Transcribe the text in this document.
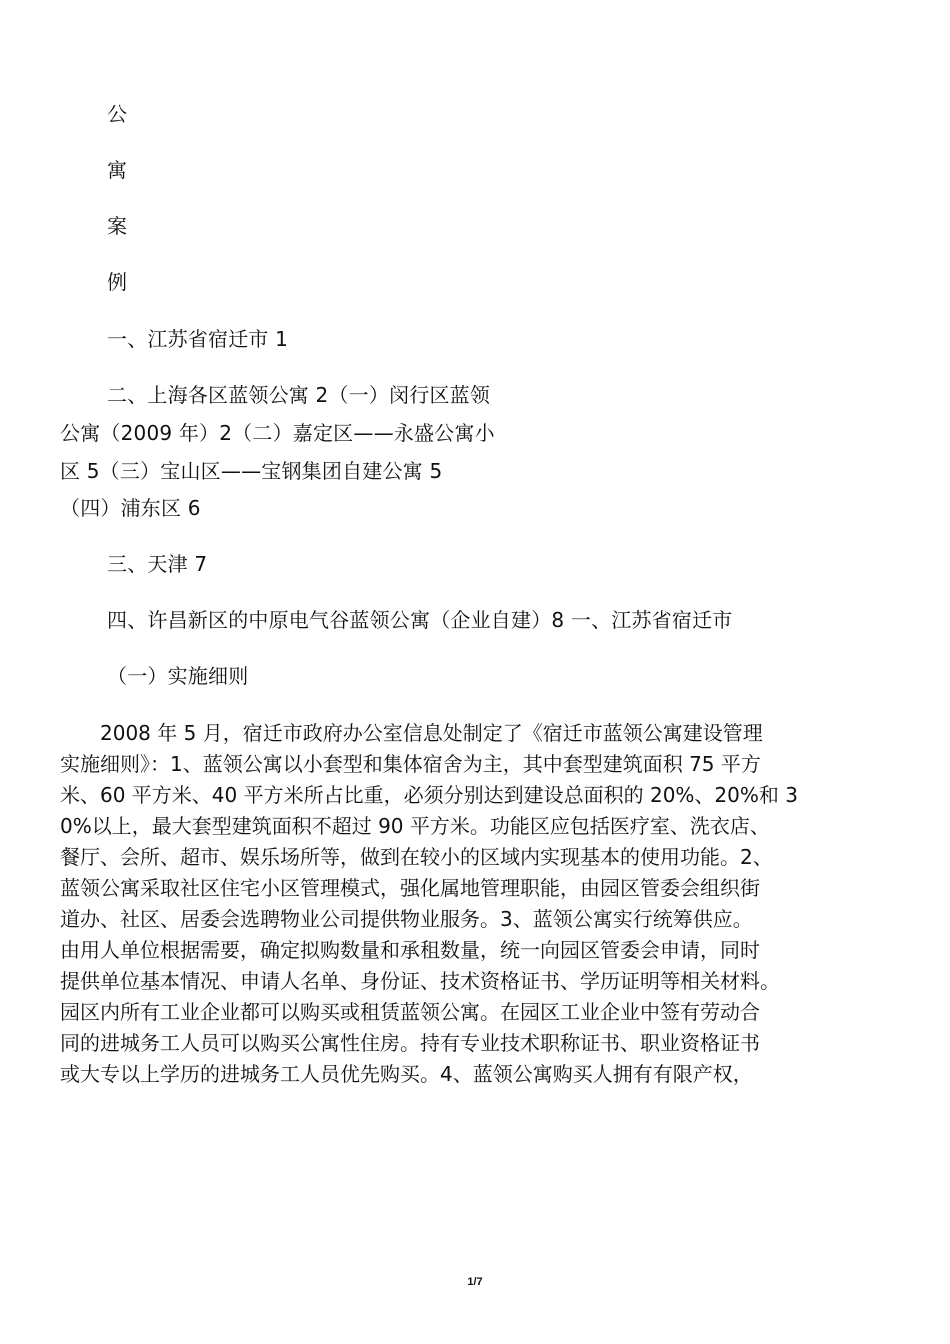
公
寓
案
例
一、江苏省宿迁市 1
二、上海各区蓝领公寓 2（一）闵行区蓝领
公寓（2009 年）2（二）嘉定区——永盛公寓小
区 5（三）宝山区——宝钢集团自建公寓 5
（四）浦东区 6
三、天津 7
四、许昌新区的中原电气谷蓝领公寓（企业自建）8 一、江苏省宿迁市
（一）实施细则

　　2008 年 5 月，宿迁市政府办公室信息处制定了《宿迁市蓝领公寓建设管理

实施细则》：1、蓝领公寓以小套型和集体宿舍为主，其中套型建筑面积 75 平方

米、60 平方米、40 平方米所占比重，必须分别达到建设总面积的 20%、20%和 3

0%以上，最大套型建筑面积不超过 90 平方米。功能区应包括医疗室、洗衣店、

餐厅、会所、超市、娱乐场所等，做到在较小的区域内实现基本的使用功能。2、

蓝领公寓采取社区住宅小区管理模式，强化属地管理职能，由园区管委会组织街

道办、社区、居委会选聘物业公司提供物业服务。3、蓝领公寓实行统筹供应。

由用人单位根据需要，确定拟购数量和承租数量，统一向园区管委会申请，同时

提供单位基本情况、申请人名单、身份证、技术资格证书、学历证明等相关材料。

园区内所有工业企业都可以购买或租赁蓝领公寓。在园区工业企业中签有劳动合

同的进城务工人员可以购买公寓性住房。持有专业技术职称证书、职业资格证书

或大专以上学历的进城务工人员优先购买。4、蓝领公寓购买人拥有有限产权，

1/7
